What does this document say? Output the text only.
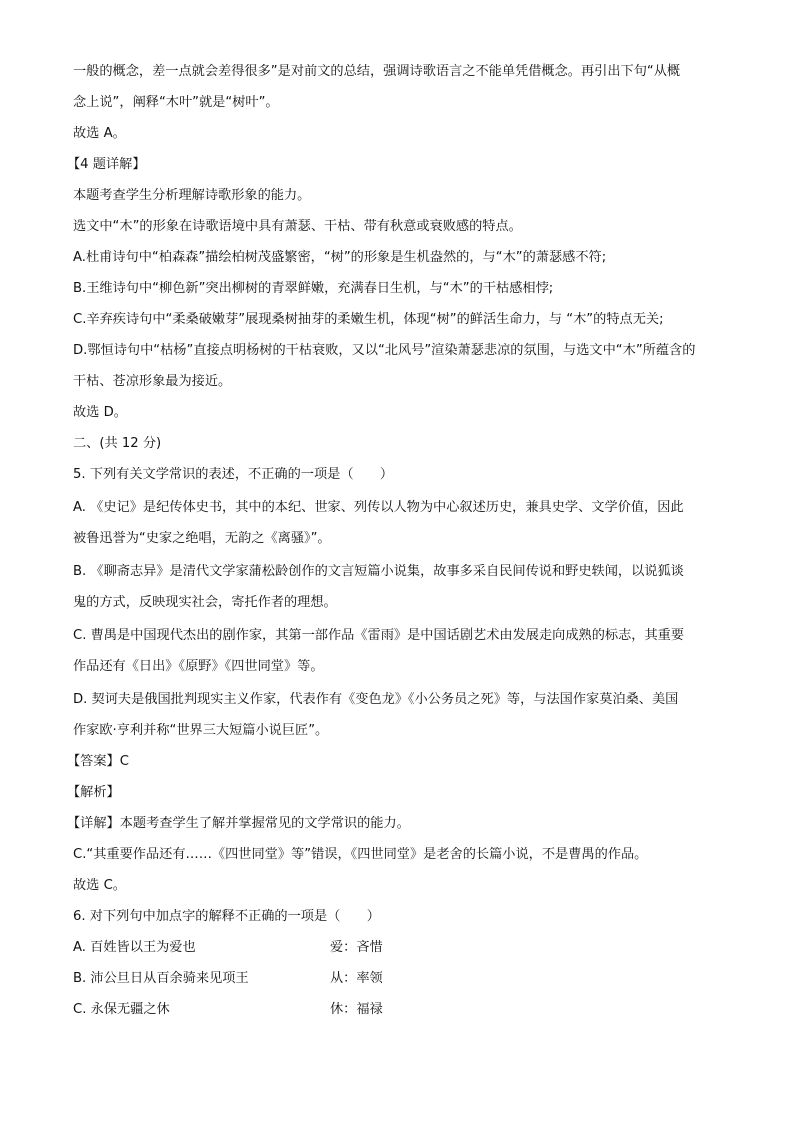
一般的概念，差一点就会差得很多”是对前文的总结，强调诗歌语言之不能单凭借概念。再引出下句“从概
念上说”，阐释“木叶”就是“树叶”。
故选 A。
【4 题详解】
本题考查学生分析理解诗歌形象的能力。
选文中“木”的形象在诗歌语境中具有萧瑟、干枯、带有秋意或衰败感的特点。
A.杜甫诗句中“柏森森”描绘柏树茂盛繁密，“树”的形象是生机盎然的，与“木”的萧瑟感不符;
B.王维诗句中“柳色新”突出柳树的青翠鲜嫩，充满春日生机，与“木”的干枯感相悖;
C.辛弃疾诗句中“柔桑破嫩芽”展现桑树抽芽的柔嫩生机，体现“树”的鲜活生命力，与 “木”的特点无关;
D.鄂恒诗句中“枯杨”直接点明杨树的干枯衰败，又以“北风号”渲染萧瑟悲凉的氛围，与选文中“木”所蕴含的
干枯、苍凉形象最为接近。
故选 D。
二、(共 12 分)
5. 下列有关文学常识的表述，不正确的一项是（　　）
A. 《史记》是纪传体史书，其中的本纪、世家、列传以人物为中心叙述历史，兼具史学、文学价值，因此
被鲁迅誉为“史家之绝唱，无韵之《离骚》”。
B. 《聊斋志异》是清代文学家蒲松龄创作的文言短篇小说集，故事多采自民间传说和野史轶闻，以说狐谈
鬼的方式，反映现实社会，寄托作者的理想。
C. 曹禺是中国现代杰出的剧作家，其第一部作品《雷雨》是中国话剧艺术由发展走向成熟的标志，其重要
作品还有《日出》《原野》《四世同堂》等。
D. 契诃夫是俄国批判现实主义作家，代表作有《变色龙》《小公务员之死》等，与法国作家莫泊桑、美国
作家欧·亨利并称“世界三大短篇小说巨匠”。
【答案】C
【解析】
【详解】本题考查学生了解并掌握常见的文学常识的能力。
C.“其重要作品还有……《四世同堂》等”错误，《四世同堂》是老舍的长篇小说，不是曹禺的作品。
故选 C。
6. 对下列句中加点字的解释不正确的一项是（　　）
A. 百姓皆以王为爱也	爱：吝惜
B. 沛公旦日从百余骑来见项王	从：率领
C. 永保无疆之休	休：福禄
